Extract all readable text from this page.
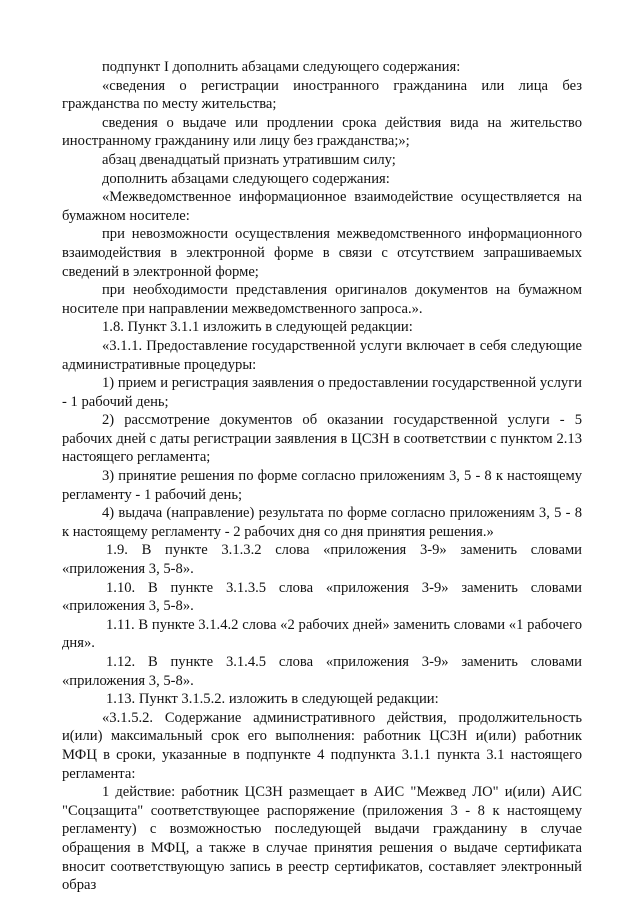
подпункт I дополнить абзацами следующего содержания:

«сведения о регистрации иностранного гражданина или лица без гражданства по месту жительства;

сведения о выдаче или продлении срока действия вида на жительство иностранному гражданину или лицу без гражданства;»;

абзац двенадцатый признать утратившим силу;

дополнить абзацами следующего содержания:

«Межведомственное информационное взаимодействие осуществляется на бумажном носителе:

при невозможности осуществления межведомственного информационного взаимодействия в электронной форме в связи с отсутствием запрашиваемых сведений в электронной форме;

при необходимости представления оригиналов документов на бумажном носителе при направлении межведомственного запроса.».

1.8. Пункт 3.1.1 изложить в следующей редакции:

«3.1.1. Предоставление государственной услуги включает в себя следующие административные процедуры:

1) прием и регистрация заявления о предоставлении государственной услуги - 1 рабочий день;

2) рассмотрение документов об оказании государственной услуги - 5 рабочих дней с даты регистрации заявления в ЦСЗН в соответствии с пунктом 2.13 настоящего регламента;

3) принятие решения по форме согласно приложениям 3, 5 - 8 к настоящему регламенту - 1 рабочий день;

4) выдача (направление) результата по форме согласно приложениям 3, 5 - 8 к настоящему регламенту - 2 рабочих дня со дня принятия решения.»

1.9. В пункте 3.1.3.2 слова «приложения 3-9» заменить словами «приложения 3, 5-8».

1.10. В пункте 3.1.3.5 слова «приложения 3-9» заменить словами «приложения 3, 5-8».

1.11. В пункте 3.1.4.2 слова «2 рабочих дней» заменить словами «1 рабочего дня».

1.12. В пункте 3.1.4.5 слова «приложения 3-9» заменить словами «приложения 3, 5-8».

1.13. Пункт 3.1.5.2. изложить в следующей редакции:

«3.1.5.2. Содержание административного действия, продолжительность и(или) максимальный срок его выполнения: работник ЦСЗН и(или) работник МФЦ в сроки, указанные в подпункте 4 подпункта 3.1.1 пункта 3.1 настоящего регламента:

1 действие: работник ЦСЗН размещает в АИС "Межвед ЛО" и(или) АИС "Соцзащита" соответствующее распоряжение (приложения 3 - 8 к настоящему регламенту) с возможностью последующей выдачи гражданину в случае обращения в МФЦ, а также в случае принятия решения о выдаче сертификата вносит соответствующую запись в реестр сертификатов, составляет электронный образ
